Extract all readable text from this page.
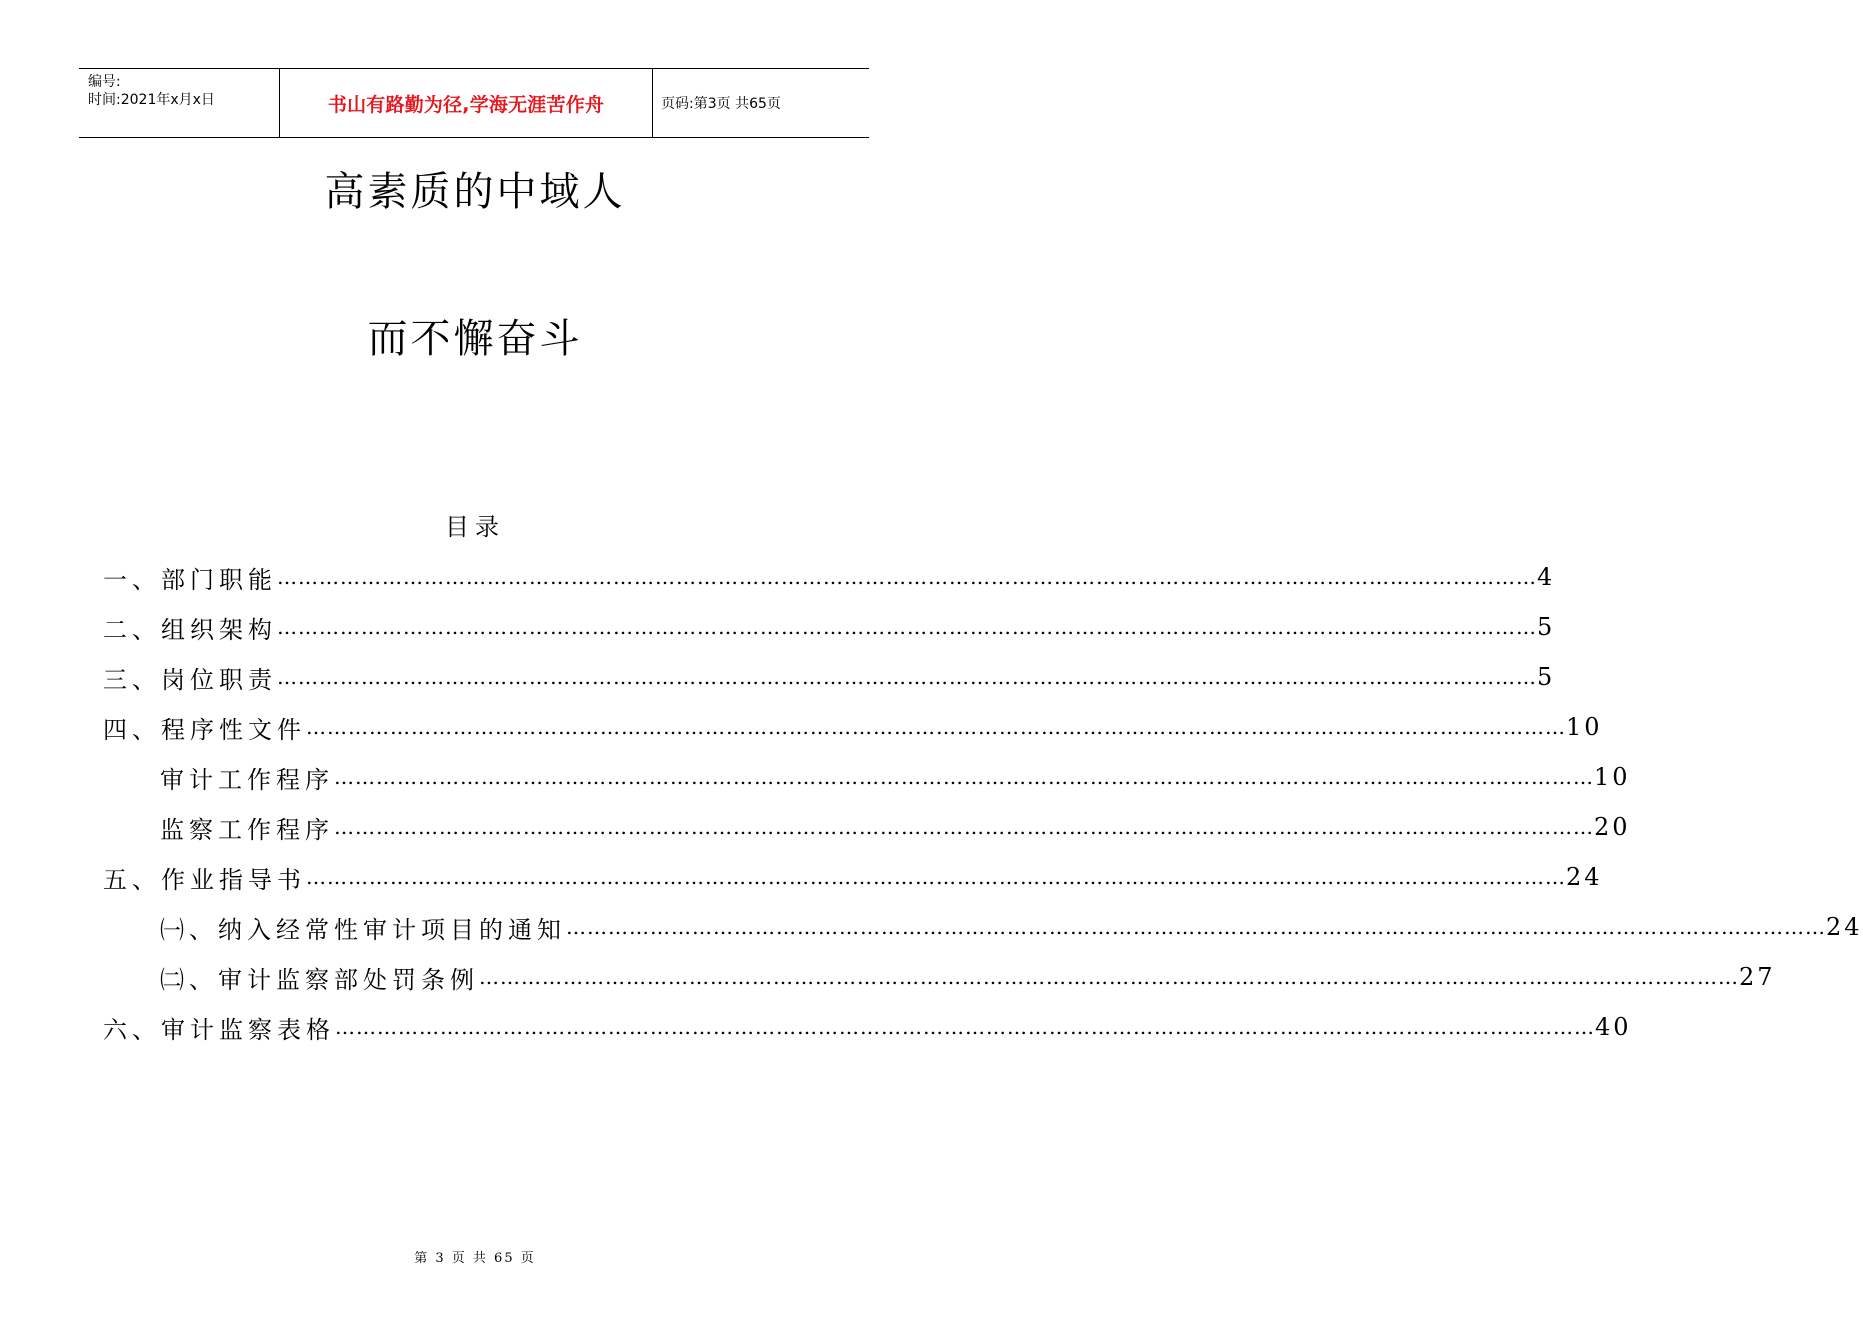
编号:
时间:2021年x月x日	书山有路勤为径,学海无涯苦作舟	页码:第3页 共65页
高素质的中域人
而不懈奋斗
目录
一、部门职能 ……………………………………………………………………………………………………………………………………………………………… 4
二、组织架构 ……………………………………………………………………………………………………………………………………………………………… 5
三、岗位职责 ……………………………………………………………………………………………………………………………………………………………… 5
四、程序性文件 ……………………………………………………………………………………………………………………………………………………………… 10
审计工作程序 ……………………………………………………………………………………………………………………………………………………………… 10
监察工作程序 ……………………………………………………………………………………………………………………………………………………………… 20
五、作业指导书 ……………………………………………………………………………………………………………………………………………………………… 24
㈠、纳入经常性审计项目的通知 ……………………………………………………………………………………………………………………………………………………………… 24
㈡、审计监察部处罚条例 ……………………………………………………………………………………………………………………………………………………………… 27
六、审计监察表格 ……………………………………………………………………………………………………………………………………………………………… 40
第 3 页 共 65 页
